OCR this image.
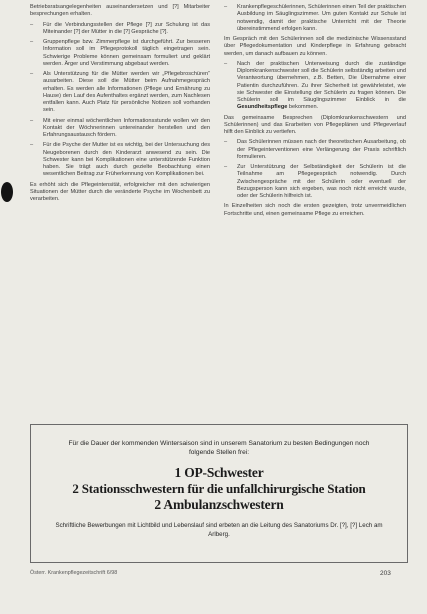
Betriebsratsangelegenheiten auseinandersetzen und [?] Mitarbeiter besprechungen erhalten.

– Für die Verbindungsstellen der Pflege [?] zur Schulung ist das Miteinander [?] der Mütter in die [?] Gespräche [?].
– Gruppenpflege bzw. Zimmerpflege ist durchgeführt. Zur besseren Information soll im Pflegeprotokoll täglich eingetragen sein. Schwierige Probleme können gemeinsam formuliert und geklärt werden. Ärger und Verstimmung abgebaut werden.
– Als Unterstützung für die Mütter werden wir „Pflegebroschüren“ ausarbeiten. Diese soll die Mütter beim Aufnahmegespräch erhalten. Es werden alle Informationen (Pflege und Ernährung zu Hause) den Lauf des Aufenthaltes ergänzt werden, zum Nachlesen entfallen kann. Auch Platz für persönliche Notizen soll vorhanden sein.
– Mit einer einmal wöchentlichen Informationsstunde wollen wir den Kontakt der Wöchnerinnen untereinander herstellen und den Erfahrungsaustausch fördern.
– Für die Psyche der Mutter ist es wichtig, bei der Untersuchung des Neugeborenen durch den Kinderarzt anwesend zu sein. Die Schwester kann bei Komplikationen eine unterstützende Funktion haben. Sie trägt auch durch gezielte Beobachtung einen wesentlichen Beitrag zur Früherkennung von Komplikationen bei.

Es erhöht sich die Pflegeintensität, erfolgreicher mit den schwierigen Situationen der Mütter durch die veränderte Psyche im Wochenbett zu verarbeiten.

– Krankenpflegeschülerinnen, Schülerinnen einen Teil der praktischen Ausbildung im Säuglingszimmer. Um guten Kontakt zur Schule ist notwendig, damit der praktische Unterricht mit der Theorie übereinstimmend erfolgen kann.

Im Gespräch mit den Schülerinnen soll die medizinische Wissensstand über Pflegedokumentation und Kinderpflege in Erfahrung gebracht werden, um danach aufbauen zu können.

– Nach der praktischen Unterweisung durch die zuständige Diplomkrankenschwester soll die Schülerin selbständig arbeiten und Verantwortung übernehmen, z.B. Betten, Die Übernahme einer Patientin durchzuführen. Zu ihrer Sicherheit ist gewährleistet, wie sie Schwester die Einstellung der Schülerin zu fragen können. Die Schülerin soll im Säuglingszimmer Einblick in die Gesundheitspflege bekommen.

Das gemeinsame Besprechen (Diplomkrankenschwestern und Schülerinnen) und das Erarbeiten von Pflegeplänen und Pflegeverlauf hilft den Einblick zu vertiefen.

– Das Schülerinnen müssen nach der theoretischen Ausarbeitung, ob der Pflegeinterventionen eine Verlängerung der Praxis schriftlich formulieren.
– Zur Unterstützung der Selbständigkeit der Schülerin ist die Teilnahme am Pflegegespräch notwendig. Durch Zwischengespräche mit der Schülerin oder eventuell der Bezugsperson kann sich ergeben, was noch nicht erreicht wurde, oder der Schülerin hilfreich ist.

In Einzelheiten sich noch die ersten gezeigten, trotz unvermeidlichen Fortschritte und, einen gemeinsame Pflege zu erreichen.

Für die Dauer der kommenden Wintersaison sind in unserem Sanatorium zu besten Bedingungen noch folgende Stellen frei:
1 OP-Schwester
2 Stationsschwestern für die unfallchirurgische Station
2 Ambulanzschwestern
Schriftliche Bewerbungen mit Lichtbild und Lebenslauf sind erbeten an die Leitung des Sanatoriums Dr. [?], [?] Lech am Arlberg.
Österr. Krankenpflegezeitschrift 6/98	203
